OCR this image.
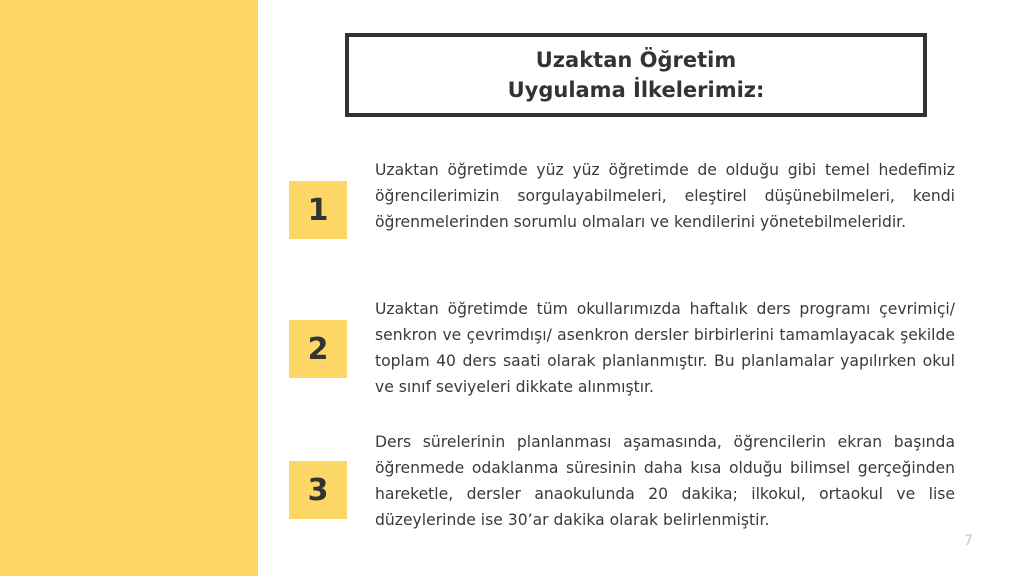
Uzaktan Öğretim
Uygulama İlkelerimiz:
1

Uzaktan öğretimde yüz yüz öğretimde de olduğu gibi temel hedefimiz öğrencilerimizin sorgulayabilmeleri, eleştirel düşünebilmeleri, kendi öğrenmelerinden sorumlu olmaları ve kendilerini yönetebilmeleridir.

2

Uzaktan öğretimde tüm okullarımızda haftalık ders programı çevrimiçi/ senkron ve çevrimdışı/ asenkron dersler birbirlerini tamamlayacak şekilde toplam 40 ders saati olarak planlanmıştır. Bu planlamalar yapılırken okul ve sınıf seviyeleri dikkate alınmıştır.

3

Ders sürelerinin planlanması aşamasında, öğrencilerin ekran başında öğrenmede odaklanma süresinin daha kısa olduğu bilimsel gerçeğinden hareketle, dersler anaokulunda 20 dakika; ilkokul, ortaokul ve lise düzeylerinde ise 30’ar dakika olarak belirlenmiştir.

7
